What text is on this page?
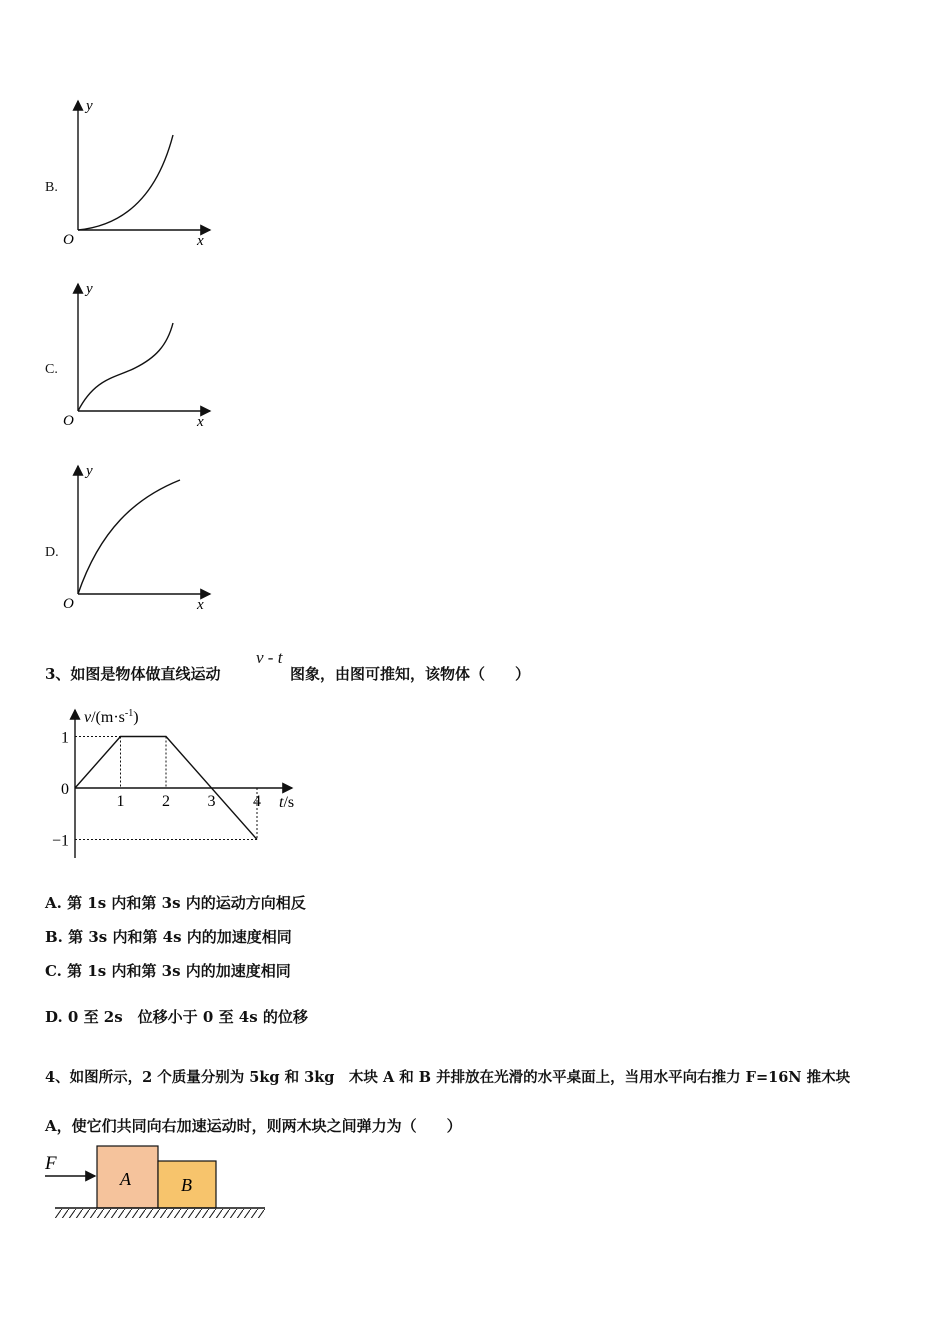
B.
y
O	x
C.
y
O	x
D.
y
O	x
3、如图是物体做直线运动
v - t
图象，由图可推知，该物体（　　）
1
0
−1
1 2 3 4
$v/(m\cdot s^{-1})$
t/s
A. 第 1s 内和第 3s 内的运动方向相反
B. 第 3s 内和第 4s 内的加速度相同
C. 第 1s 内和第 3s 内的加速度相同
D. 0 至 2s　位移小于 0 至 4s 的位移
4、如图所示，2 个质量分别为 5kg 和 3kg　木块 A 和 B 并排放在光滑的水平桌面上，当用水平向右推力 F=16N 推木块
A，使它们共同向右加速运动时，则两木块之间弹力为（　　）
F
A	B
